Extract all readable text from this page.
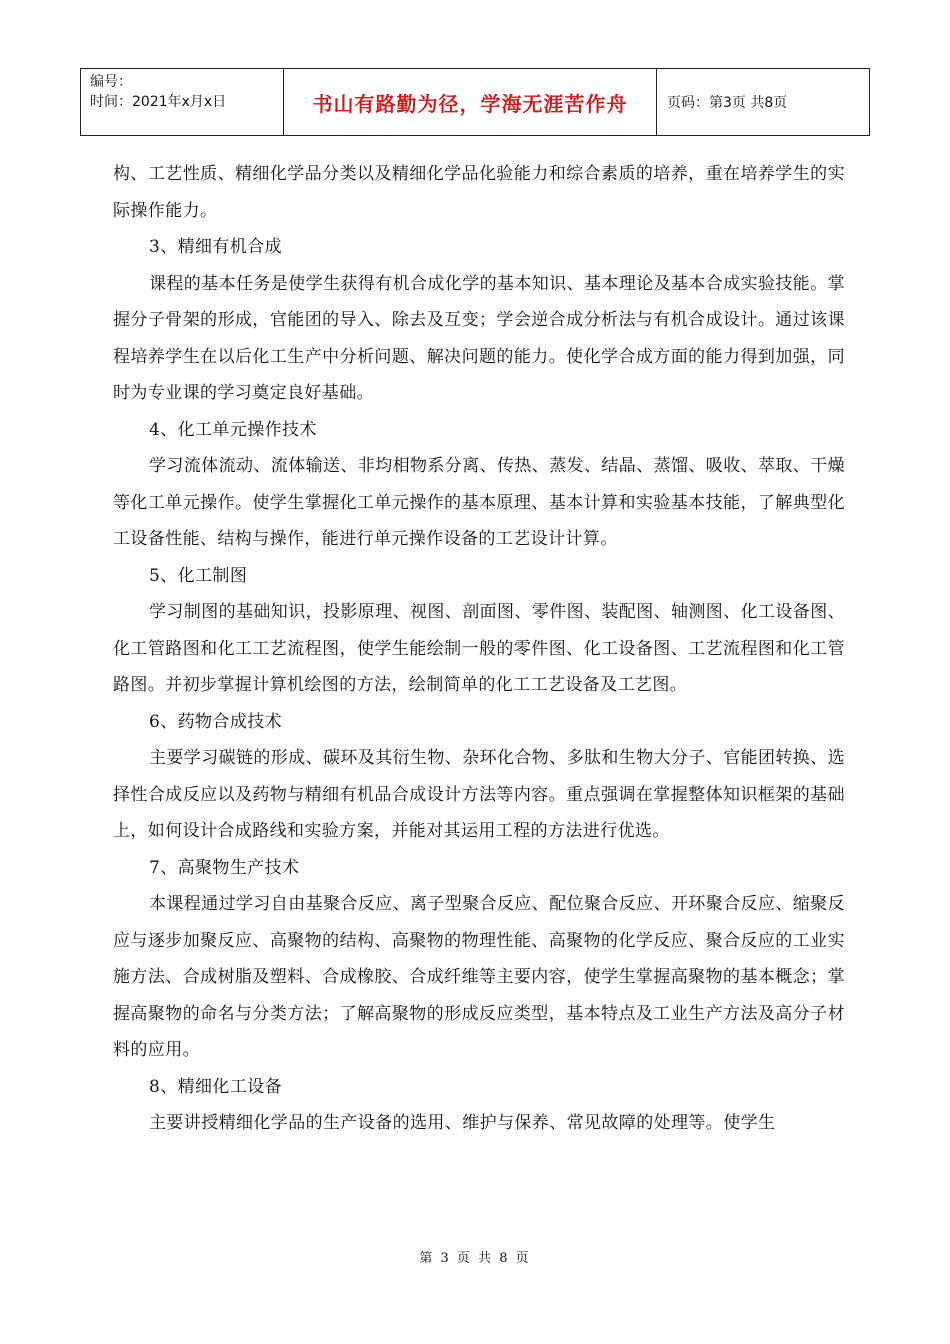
编号：
时间：2021年x月x日	书山有路勤为径，学海无涯苦作舟	页码：第3页 共8页

构、工艺性质、精细化学品分类以及精细化学品化验能力和综合素质的培养，重在培养学生的实际操作能力。

3、精细有机合成

课程的基本任务是使学生获得有机合成化学的基本知识、基本理论及基本合成实验技能。掌握分子骨架的形成，官能团的导入、除去及互变；学会逆合成分析法与有机合成设计。通过该课程培养学生在以后化工生产中分析问题、解决问题的能力。使化学合成方面的能力得到加强，同时为专业课的学习奠定良好基础。

4、化工单元操作技术

学习流体流动、流体输送、非均相物系分离、传热、蒸发、结晶、蒸馏、吸收、萃取、干燥等化工单元操作。使学生掌握化工单元操作的基本原理、基本计算和实验基本技能，了解典型化工设备性能、结构与操作，能进行单元操作设备的工艺设计计算。

5、化工制图

学习制图的基础知识，投影原理、视图、剖面图、零件图、装配图、轴测图、化工设备图、化工管路图和化工工艺流程图，使学生能绘制一般的零件图、化工设备图、工艺流程图和化工管路图。并初步掌握计算机绘图的方法，绘制简单的化工工艺设备及工艺图。

6、药物合成技术

主要学习碳链的形成、碳环及其衍生物、杂环化合物、多肽和生物大分子、官能团转换、选择性合成反应以及药物与精细有机品合成设计方法等内容。重点强调在掌握整体知识框架的基础上，如何设计合成路线和实验方案，并能对其运用工程的方法进行优选。

7、高聚物生产技术

本课程通过学习自由基聚合反应、离子型聚合反应、配位聚合反应、开环聚合反应、缩聚反应与逐步加聚反应、高聚物的结构、高聚物的物理性能、高聚物的化学反应、聚合反应的工业实施方法、合成树脂及塑料、合成橡胶、合成纤维等主要内容，使学生掌握高聚物的基本概念；掌握高聚物的命名与分类方法；了解高聚物的形成反应类型，基本特点及工业生产方法及高分子材料的应用。

8、精细化工设备

主要讲授精细化学品的生产设备的选用、维护与保养、常见故障的处理等。使学生

第 3 页 共 8 页
